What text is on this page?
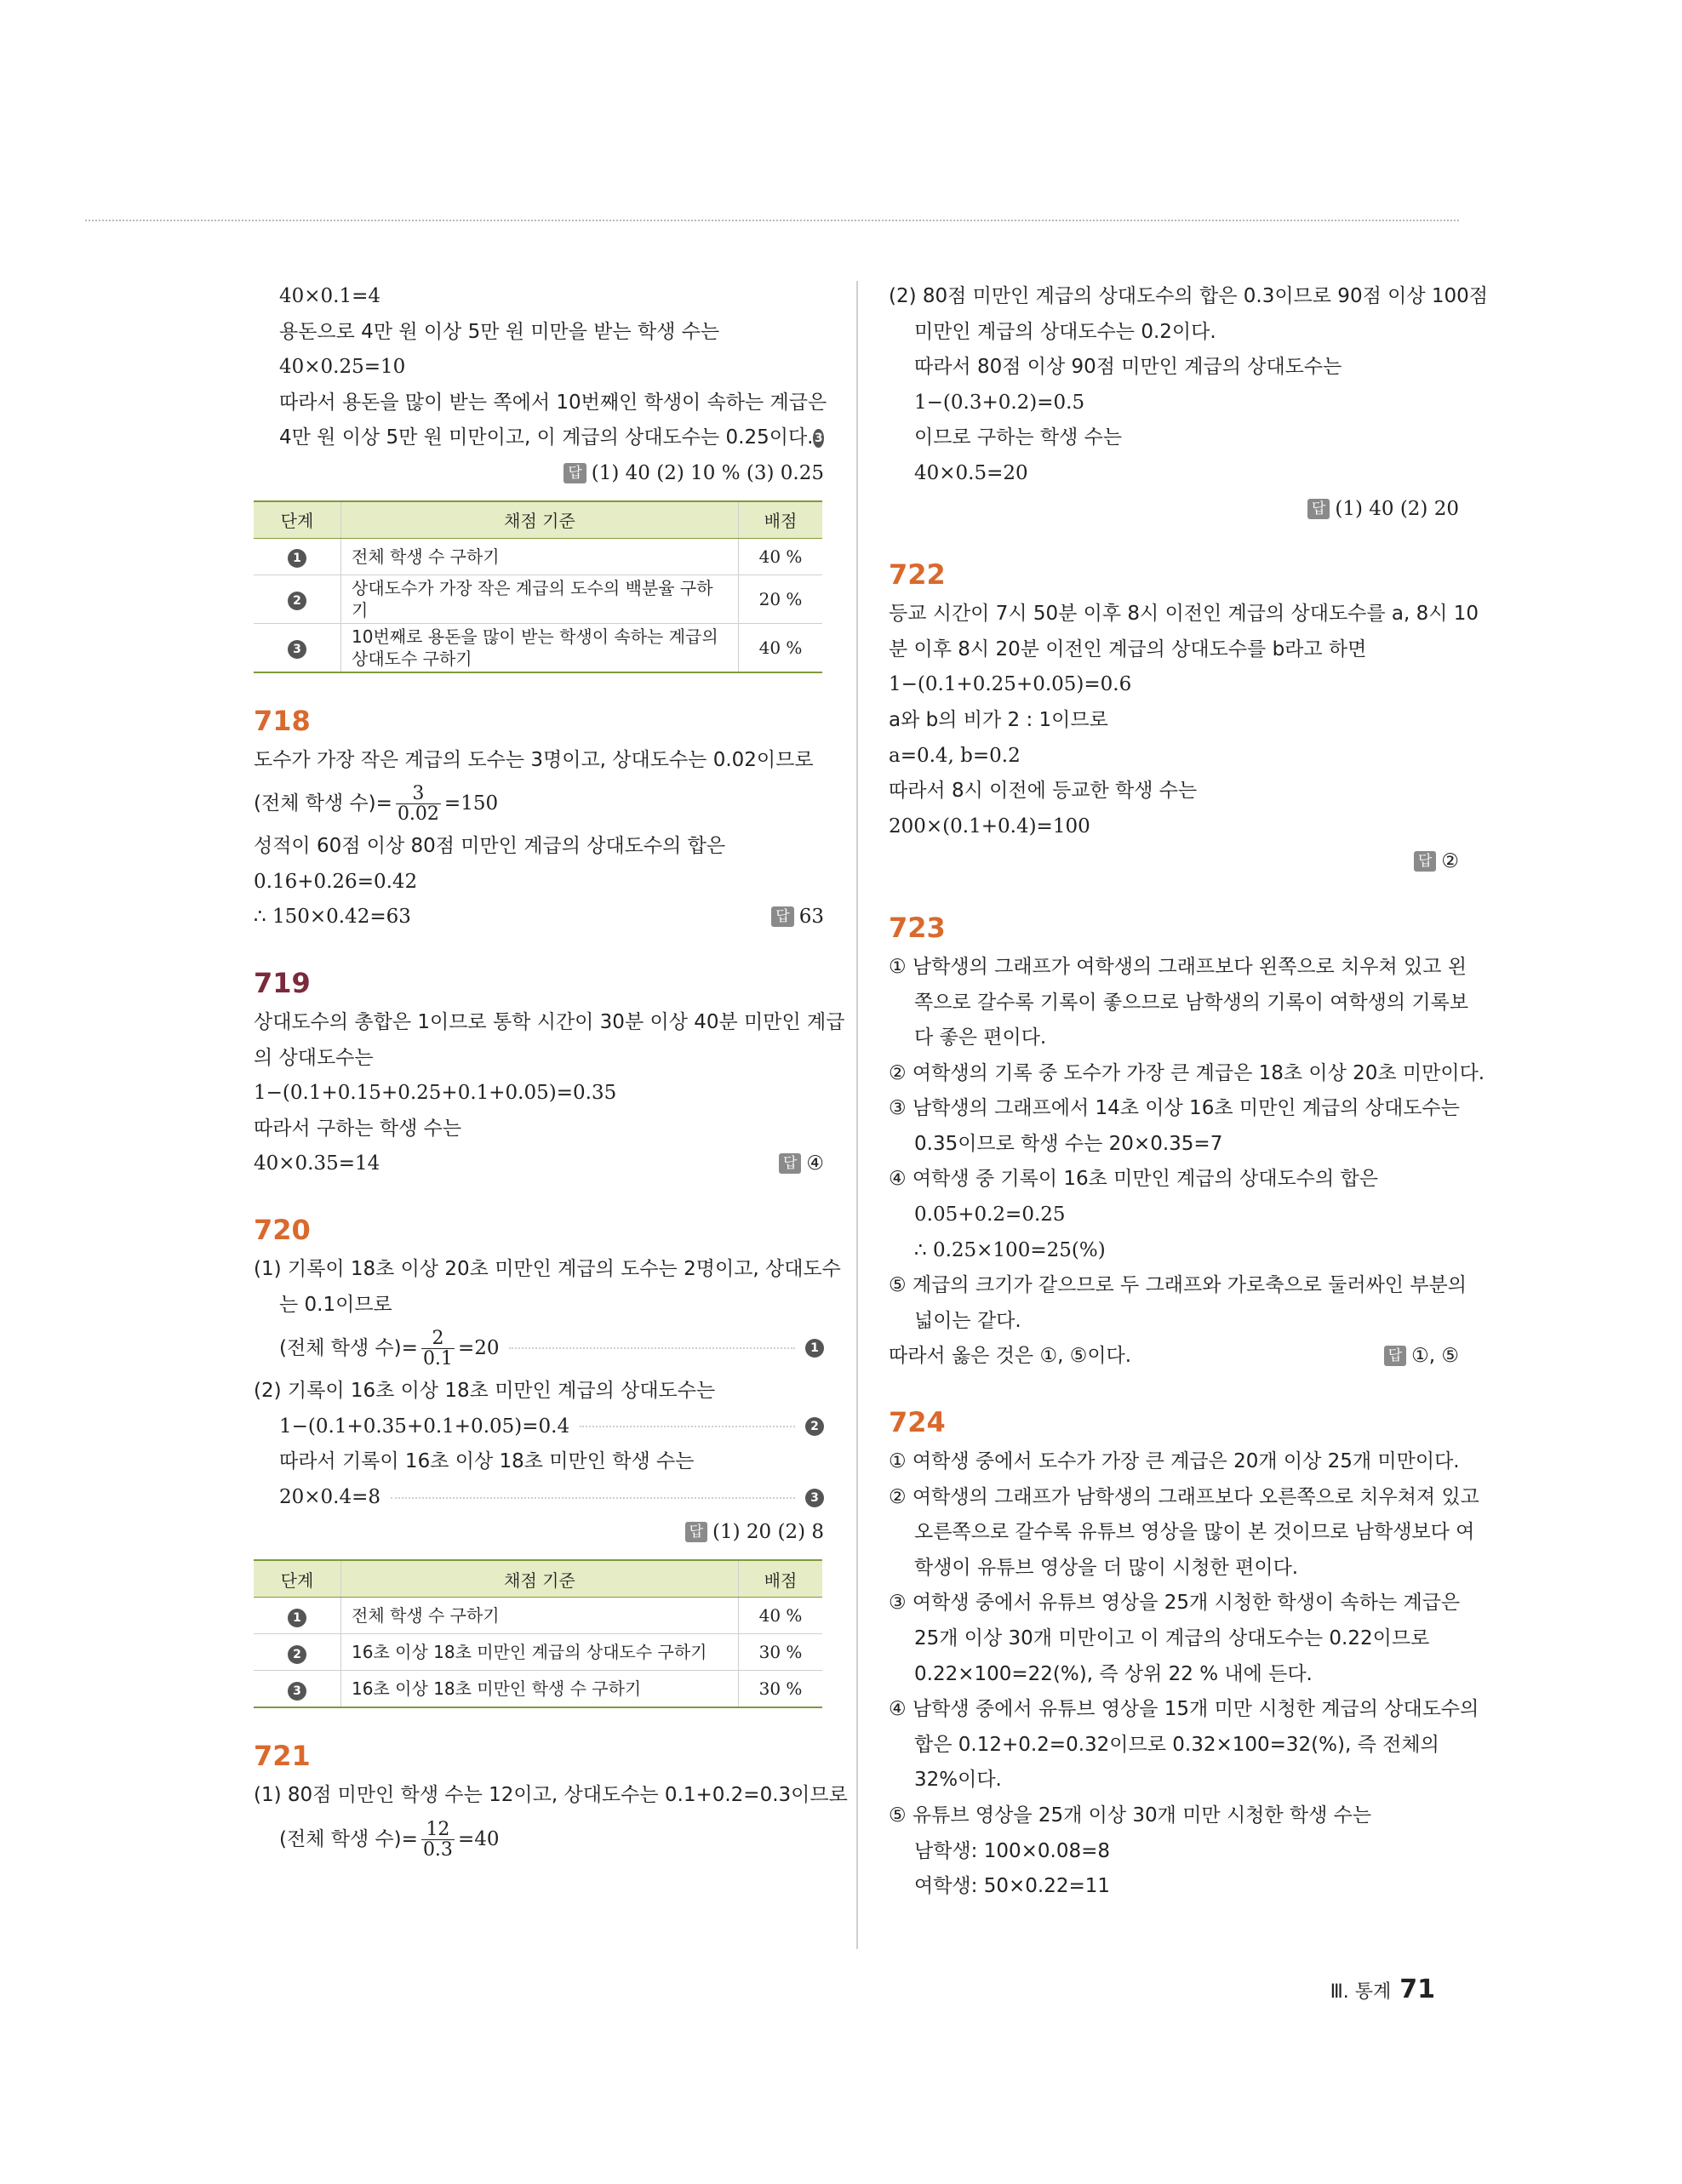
40×0.1=4
용돈으로 4만 원 이상 5만 원 미만을 받는 학생 수는
40×0.25=10
따라서 용돈을 많이 받는 쪽에서 10번째인 학생이 속하는 계급은
4만 원 이상 5만 원 미만이고, 이 계급의 상대도수는 0.25이다. 3
답 (1) 40 (2) 10 % (3) 0.25
단계	채점 기준	배점
1	전체 학생 수 구하기	40 %
2	상대도수가 가장 작은 계급의 도수의 백분율 구하기	20 %
3	10번째로 용돈을 많이 받는 학생이 속하는 계급의 상대도수 구하기	40 %
718
도수가 가장 작은 계급의 도수는 3명이고, 상대도수는 0.02이므로
(전체 학생 수)= $\frac{3}{0.02} =150$
성적이 60점 이상 80점 미만인 계급의 상대도수의 합은
0.16+0.26=0.42
∴ 150×0.42=63	답 63
719
상대도수의 총합은 1이므로 통학 시간이 30분 이상 40분 미만인 계급
의 상대도수는
1−(0.1+0.15+0.25+0.1+0.05)=0.35
따라서 구하는 학생 수는
40×0.35=14	답 ④
720
(1) 기록이 18초 이상 20초 미만인 계급의 도수는 2명이고, 상대도수
는 0.1이므로
(전체 학생 수)= $\frac{2}{0.1} =20$	1
(2) 기록이 16초 이상 18초 미만인 계급의 상대도수는
1−(0.1+0.35+0.1+0.05)=0.4	2
따라서 기록이 16초 이상 18초 미만인 학생 수는
20×0.4=8	3
답 (1) 20 (2) 8
단계	채점 기준	배점
1	전체 학생 수 구하기	40 %
2	16초 이상 18초 미만인 계급의 상대도수 구하기	30 %
3	16초 이상 18초 미만인 학생 수 구하기	30 %
721
(1) 80점 미만인 학생 수는 12이고, 상대도수는 0.1+0.2=0.3이므로
(전체 학생 수)= $\frac{12}{0.3} =40$
(2) 80점 미만인 계급의 상대도수의 합은 0.3이므로 90점 이상 100점
미만인 계급의 상대도수는 0.2이다.
따라서 80점 이상 90점 미만인 계급의 상대도수는
1−(0.3+0.2)=0.5
이므로 구하는 학생 수는
40×0.5=20
답 (1) 40 (2) 20
722
등교 시간이 7시 50분 이후 8시 이전인 계급의 상대도수를 a, 8시 10
분 이후 8시 20분 이전인 계급의 상대도수를 b라고 하면
1−(0.1+0.25+0.05)=0.6
a와 b의 비가 2 : 1이므로
a=0.4, b=0.2
따라서 8시 이전에 등교한 학생 수는
200×(0.1+0.4)=100
답 ②
723
① 남학생의 그래프가 여학생의 그래프보다 왼쪽으로 치우쳐 있고 왼
쪽으로 갈수록 기록이 좋으므로 남학생의 기록이 여학생의 기록보
다 좋은 편이다.
② 여학생의 기록 중 도수가 가장 큰 계급은 18초 이상 20초 미만이다.
③ 남학생의 그래프에서 14초 이상 16초 미만인 계급의 상대도수는
0.35이므로 학생 수는 20×0.35=7
④ 여학생 중 기록이 16초 미만인 계급의 상대도수의 합은
0.05+0.2=0.25
∴ 0.25×100=25(%)
⑤ 계급의 크기가 같으므로 두 그래프와 가로축으로 둘러싸인 부분의
넓이는 같다.
따라서 옳은 것은 ①, ⑤이다.	답 ①, ⑤
724
① 여학생 중에서 도수가 가장 큰 계급은 20개 이상 25개 미만이다.
② 여학생의 그래프가 남학생의 그래프보다 오른쪽으로 치우쳐져 있고
오른쪽으로 갈수록 유튜브 영상을 많이 본 것이므로 남학생보다 여
학생이 유튜브 영상을 더 많이 시청한 편이다.
③ 여학생 중에서 유튜브 영상을 25개 시청한 학생이 속하는 계급은
25개 이상 30개 미만이고 이 계급의 상대도수는 0.22이므로
0.22×100=22(%), 즉 상위 22 % 내에 든다.
④ 남학생 중에서 유튜브 영상을 15개 미만 시청한 계급의 상대도수의
합은 0.12+0.2=0.32이므로 0.32×100=32(%), 즉 전체의
32%이다.
⑤ 유튜브 영상을 25개 이상 30개 미만 시청한 학생 수는
남학생: 100×0.08=8
여학생: 50×0.22=11
Ⅲ. 통계 71
